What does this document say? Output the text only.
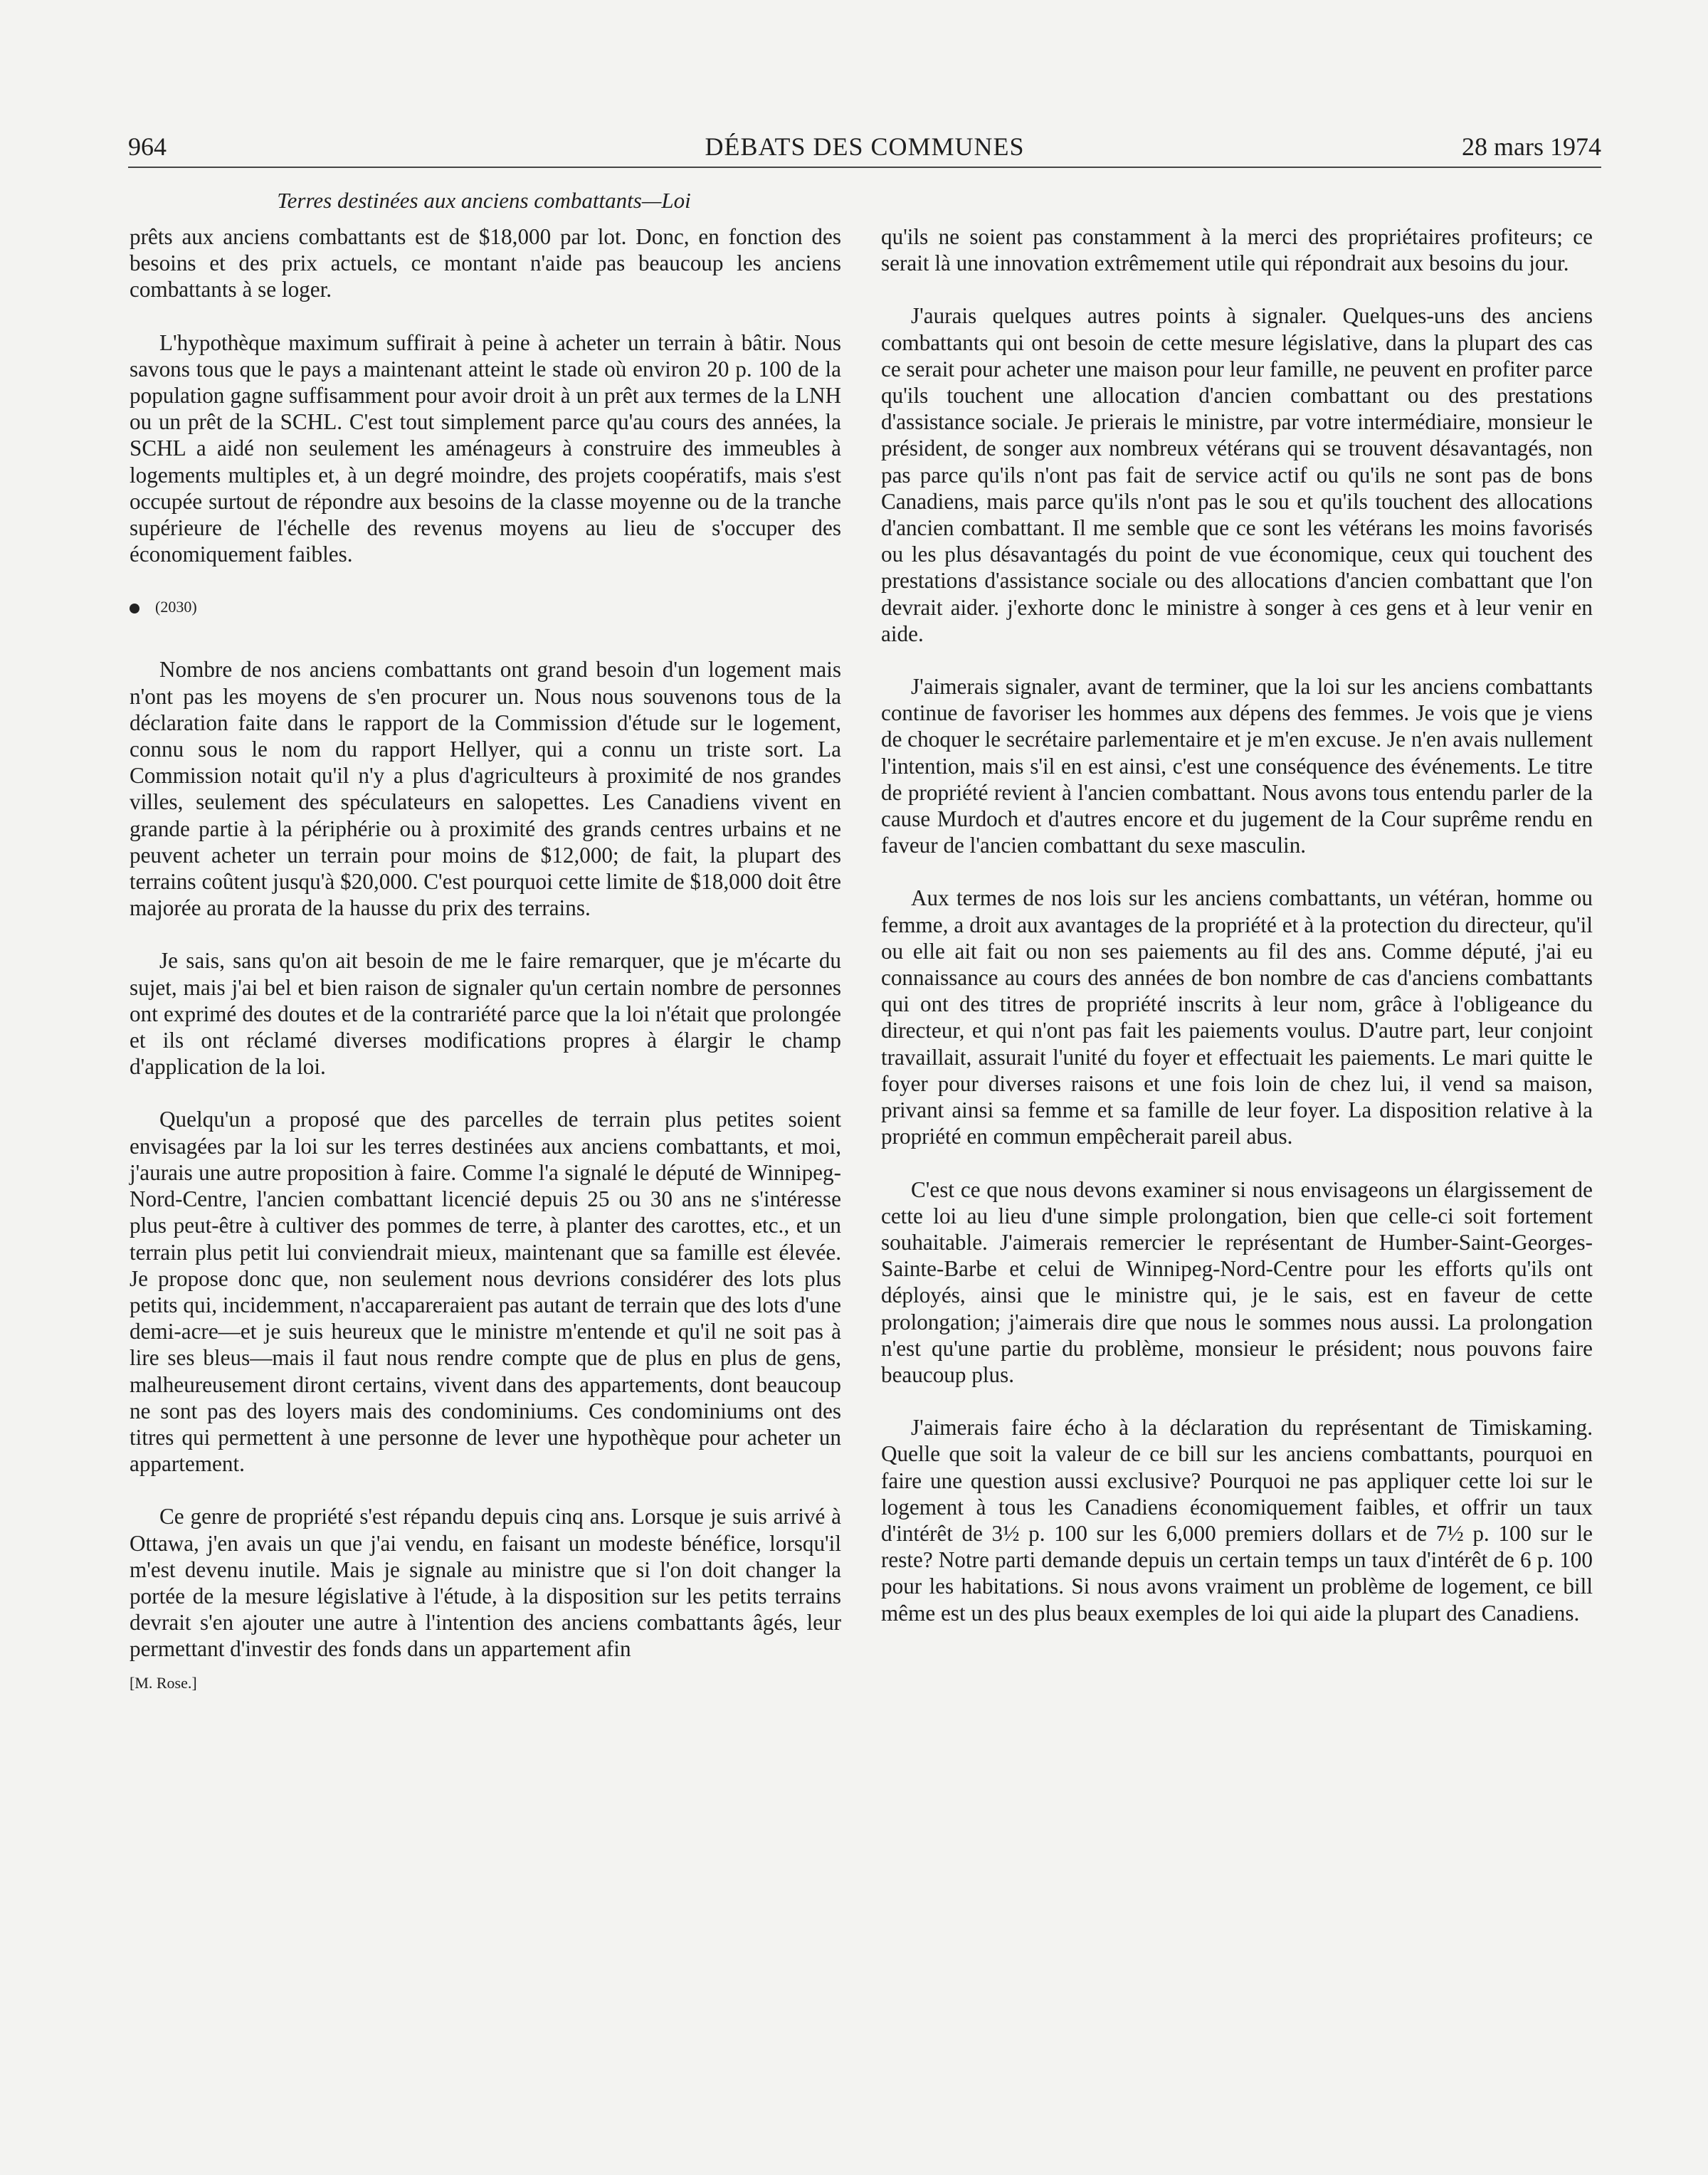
964	DÉBATS DES COMMUNES	28 mars 1974
Terres destinées aux anciens combattants—Loi

prêts aux anciens combattants est de $18,000 par lot. Donc, en fonction des besoins et des prix actuels, ce montant n'aide pas beaucoup les anciens combattants à se loger.

L'hypothèque maximum suffirait à peine à acheter un terrain à bâtir. Nous savons tous que le pays a maintenant atteint le stade où environ 20 p. 100 de la population gagne suffisamment pour avoir droit à un prêt aux termes de la LNH ou un prêt de la SCHL. C'est tout simplement parce qu'au cours des années, la SCHL a aidé non seulement les aménageurs à construire des immeubles à logements multiples et, à un degré moindre, des projets coopératifs, mais s'est occupée surtout de répondre aux besoins de la classe moyenne ou de la tranche supérieure de l'échelle des revenus moyens au lieu de s'occuper des économiquement faibles.

(2030)

Nombre de nos anciens combattants ont grand besoin d'un logement mais n'ont pas les moyens de s'en procurer un. Nous nous souvenons tous de la déclaration faite dans le rapport de la Commission d'étude sur le logement, connu sous le nom du rapport Hellyer, qui a connu un triste sort. La Commission notait qu'il n'y a plus d'agriculteurs à proximité de nos grandes villes, seulement des spéculateurs en salopettes. Les Canadiens vivent en grande partie à la périphérie ou à proximité des grands centres urbains et ne peuvent acheter un terrain pour moins de $12,000; de fait, la plupart des terrains coûtent jusqu'à $20,000. C'est pourquoi cette limite de $18,000 doit être majorée au prorata de la hausse du prix des terrains.

Je sais, sans qu'on ait besoin de me le faire remarquer, que je m'écarte du sujet, mais j'ai bel et bien raison de signaler qu'un certain nombre de personnes ont exprimé des doutes et de la contrariété parce que la loi n'était que prolongée et ils ont réclamé diverses modifications propres à élargir le champ d'application de la loi.

Quelqu'un a proposé que des parcelles de terrain plus petites soient envisagées par la loi sur les terres destinées aux anciens combattants, et moi, j'aurais une autre proposition à faire. Comme l'a signalé le député de Winnipeg-Nord-Centre, l'ancien combattant licencié depuis 25 ou 30 ans ne s'intéresse plus peut-être à cultiver des pommes de terre, à planter des carottes, etc., et un terrain plus petit lui conviendrait mieux, maintenant que sa famille est élevée. Je propose donc que, non seulement nous devrions considérer des lots plus petits qui, incidemment, n'accapareraient pas autant de terrain que des lots d'une demi-acre—et je suis heureux que le ministre m'entende et qu'il ne soit pas à lire ses bleus—mais il faut nous rendre compte que de plus en plus de gens, malheureusement diront certains, vivent dans des appartements, dont beaucoup ne sont pas des loyers mais des condominiums. Ces condominiums ont des titres qui permettent à une personne de lever une hypothèque pour acheter un appartement.

Ce genre de propriété s'est répandu depuis cinq ans. Lorsque je suis arrivé à Ottawa, j'en avais un que j'ai vendu, en faisant un modeste bénéfice, lorsqu'il m'est devenu inutile. Mais je signale au ministre que si l'on doit changer la portée de la mesure législative à l'étude, à la disposition sur les petits terrains devrait s'en ajouter une autre à l'intention des anciens combattants âgés, leur permettant d'investir des fonds dans un appartement afin

[M. Rose.]

qu'ils ne soient pas constamment à la merci des propriétaires profiteurs; ce serait là une innovation extrêmement utile qui répondrait aux besoins du jour.

J'aurais quelques autres points à signaler. Quelques-uns des anciens combattants qui ont besoin de cette mesure législative, dans la plupart des cas ce serait pour acheter une maison pour leur famille, ne peuvent en profiter parce qu'ils touchent une allocation d'ancien combattant ou des prestations d'assistance sociale. Je prierais le ministre, par votre intermédiaire, monsieur le président, de songer aux nombreux vétérans qui se trouvent désavantagés, non pas parce qu'ils n'ont pas fait de service actif ou qu'ils ne sont pas de bons Canadiens, mais parce qu'ils n'ont pas le sou et qu'ils touchent des allocations d'ancien combattant. Il me semble que ce sont les vétérans les moins favorisés ou les plus désavantagés du point de vue économique, ceux qui touchent des prestations d'assistance sociale ou des allocations d'ancien combattant que l'on devrait aider. j'exhorte donc le ministre à songer à ces gens et à leur venir en aide.

J'aimerais signaler, avant de terminer, que la loi sur les anciens combattants continue de favoriser les hommes aux dépens des femmes. Je vois que je viens de choquer le secrétaire parlementaire et je m'en excuse. Je n'en avais nullement l'intention, mais s'il en est ainsi, c'est une conséquence des événements. Le titre de propriété revient à l'ancien combattant. Nous avons tous entendu parler de la cause Murdoch et d'autres encore et du jugement de la Cour suprême rendu en faveur de l'ancien combattant du sexe masculin.

Aux termes de nos lois sur les anciens combattants, un vétéran, homme ou femme, a droit aux avantages de la propriété et à la protection du directeur, qu'il ou elle ait fait ou non ses paiements au fil des ans. Comme député, j'ai eu connaissance au cours des années de bon nombre de cas d'anciens combattants qui ont des titres de propriété inscrits à leur nom, grâce à l'obligeance du directeur, et qui n'ont pas fait les paiements voulus. D'autre part, leur conjoint travaillait, assurait l'unité du foyer et effectuait les paiements. Le mari quitte le foyer pour diverses raisons et une fois loin de chez lui, il vend sa maison, privant ainsi sa femme et sa famille de leur foyer. La disposition relative à la propriété en commun empêcherait pareil abus.

C'est ce que nous devons examiner si nous envisageons un élargissement de cette loi au lieu d'une simple prolongation, bien que celle-ci soit fortement souhaitable. J'aimerais remercier le représentant de Humber-Saint-Georges-Sainte-Barbe et celui de Winnipeg-Nord-Centre pour les efforts qu'ils ont déployés, ainsi que le ministre qui, je le sais, est en faveur de cette prolongation; j'aimerais dire que nous le sommes nous aussi. La prolongation n'est qu'une partie du problème, monsieur le président; nous pouvons faire beaucoup plus.

J'aimerais faire écho à la déclaration du représentant de Timiskaming. Quelle que soit la valeur de ce bill sur les anciens combattants, pourquoi en faire une question aussi exclusive? Pourquoi ne pas appliquer cette loi sur le logement à tous les Canadiens économiquement faibles, et offrir un taux d'intérêt de 3½ p. 100 sur les 6,000 premiers dollars et de 7½ p. 100 sur le reste? Notre parti demande depuis un certain temps un taux d'intérêt de 6 p. 100 pour les habitations. Si nous avons vraiment un problème de logement, ce bill même est un des plus beaux exemples de loi qui aide la plupart des Canadiens.
